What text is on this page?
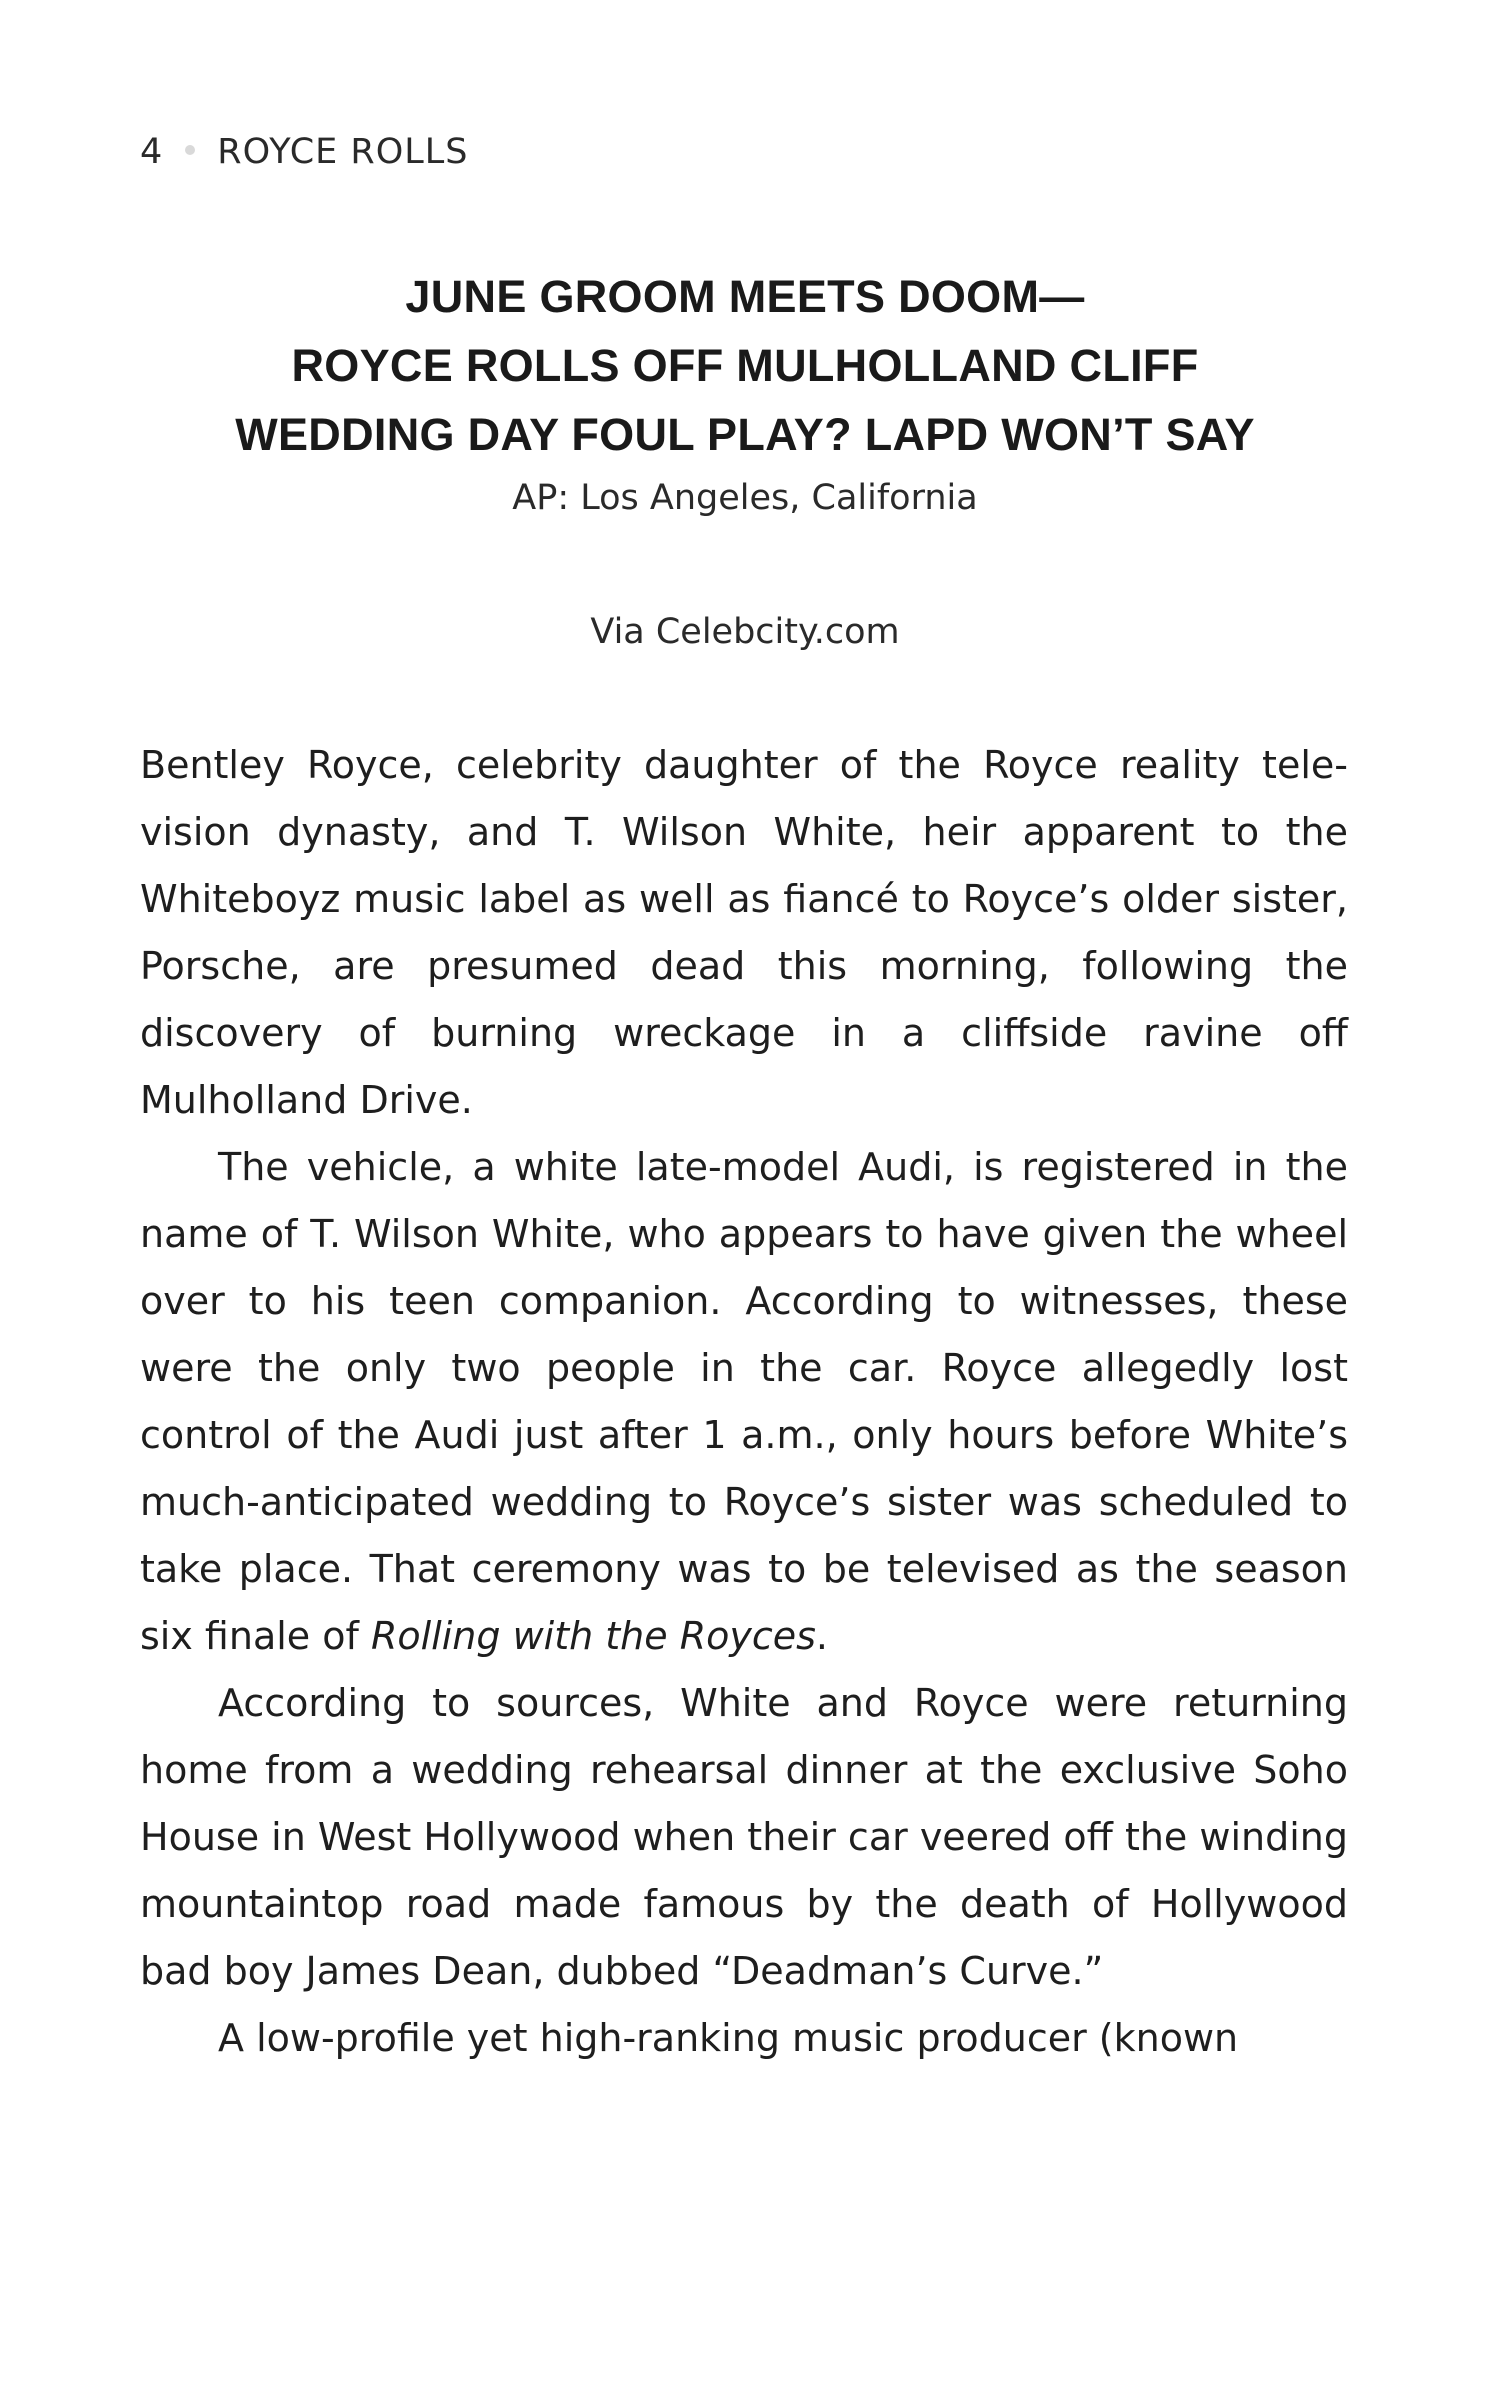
4 ROYCE ROLLS
JUNE GROOM MEETS DOOM—
ROYCE ROLLS OFF MULHOLLAND CLIFF
WEDDING DAY FOUL PLAY? LAPD WON’T SAY
AP: Los Angeles, California
Via Celebcity.com

Bentley Royce, celebrity daughter of the Royce reality television dynasty, and T. Wilson White, heir apparent to the Whiteboyz music label as well as fiancé to Royce’s older sister, Porsche, are presumed dead this morning, following the discovery of burning wreckage in a cliffside ravine off Mulholland Drive.

The vehicle, a white late-model Audi, is registered in the name of T. Wilson White, who appears to have given the wheel over to his teen companion. According to witnesses, these were the only two people in the car. Royce allegedly lost control of the Audi just after 1 a.m., only hours before White’s much-anticipated wedding to Royce’s sister was scheduled to take place. That ceremony was to be televised as the season six finale of Rolling with the Royces.

According to sources, White and Royce were returning home from a wedding rehearsal dinner at the exclusive Soho House in West Hollywood when their car veered off the winding mountaintop road made famous by the death of Hollywood bad boy James Dean, dubbed “Deadman’s Curve.”

A low-profile yet high-ranking music producer (known
